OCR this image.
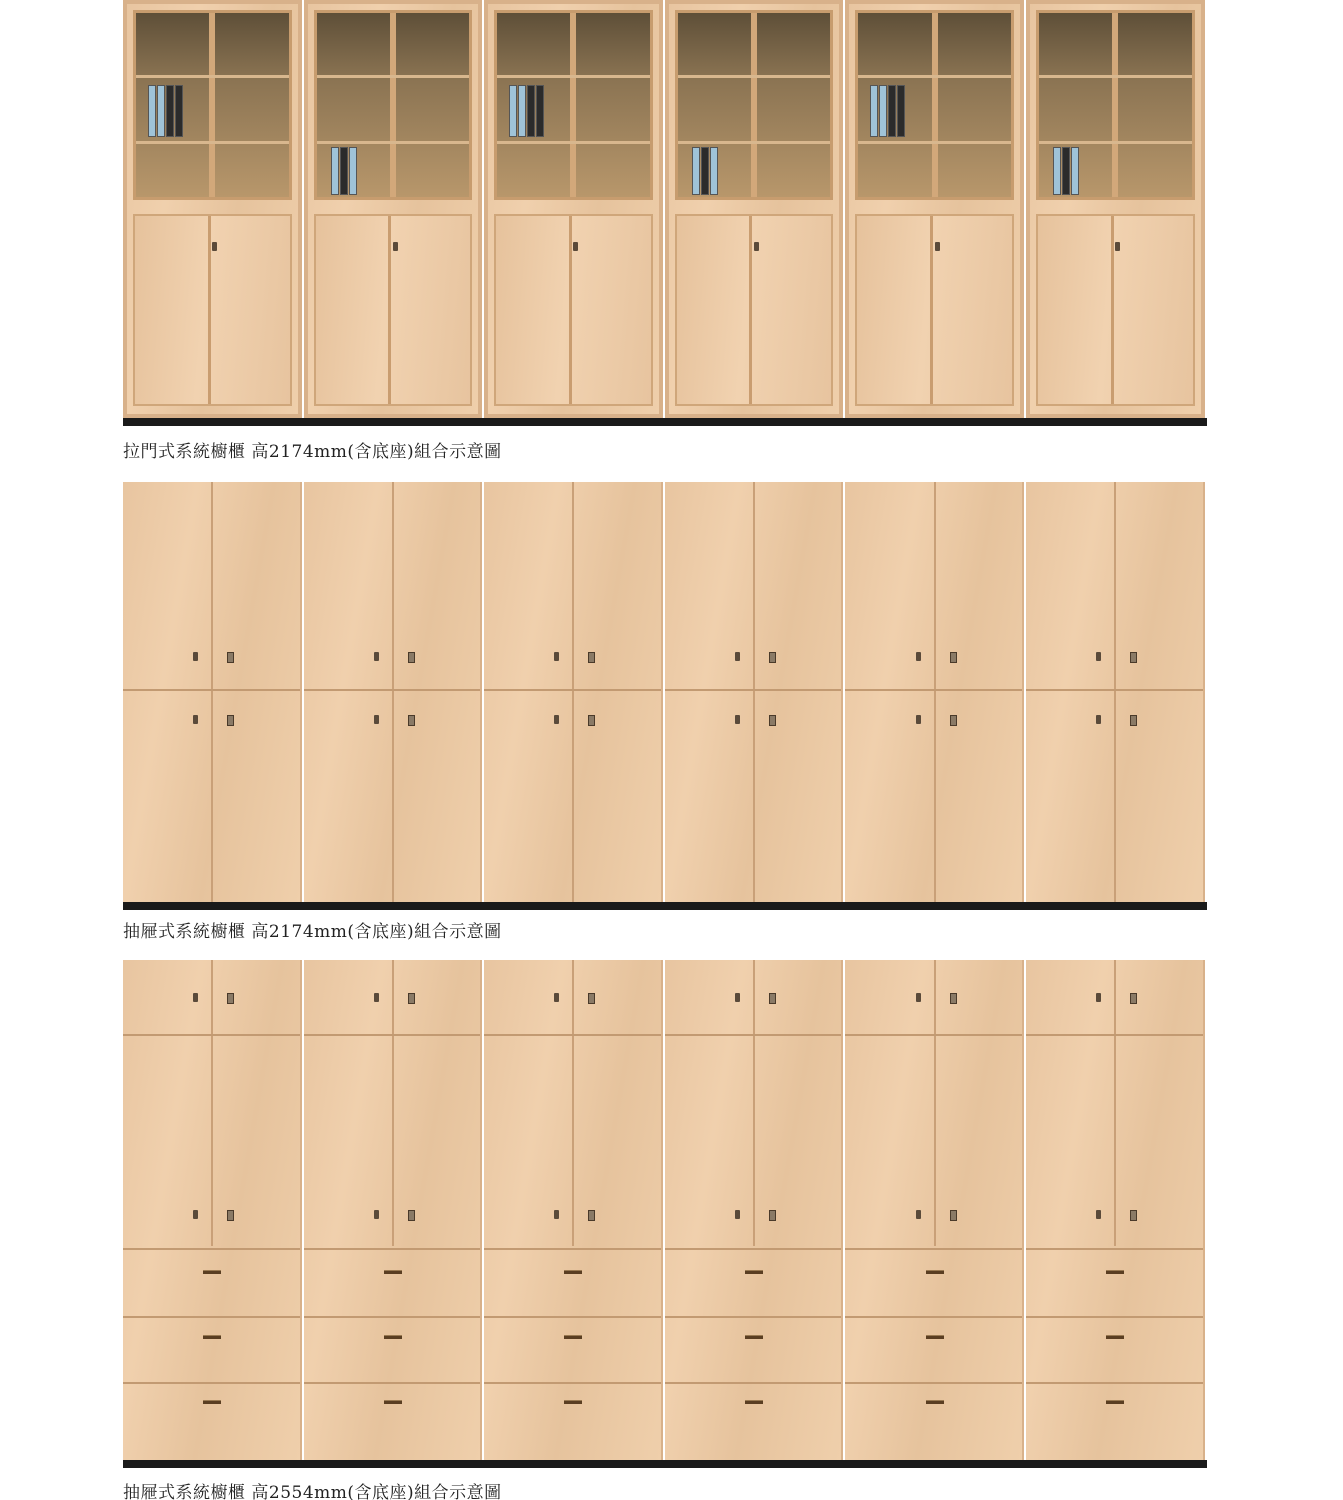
拉門式系統櫥櫃 高2174mm(含底座)組合示意圖
抽屜式系統櫥櫃 高2174mm(含底座)組合示意圖
抽屜式系統櫥櫃 高2554mm(含底座)組合示意圖
